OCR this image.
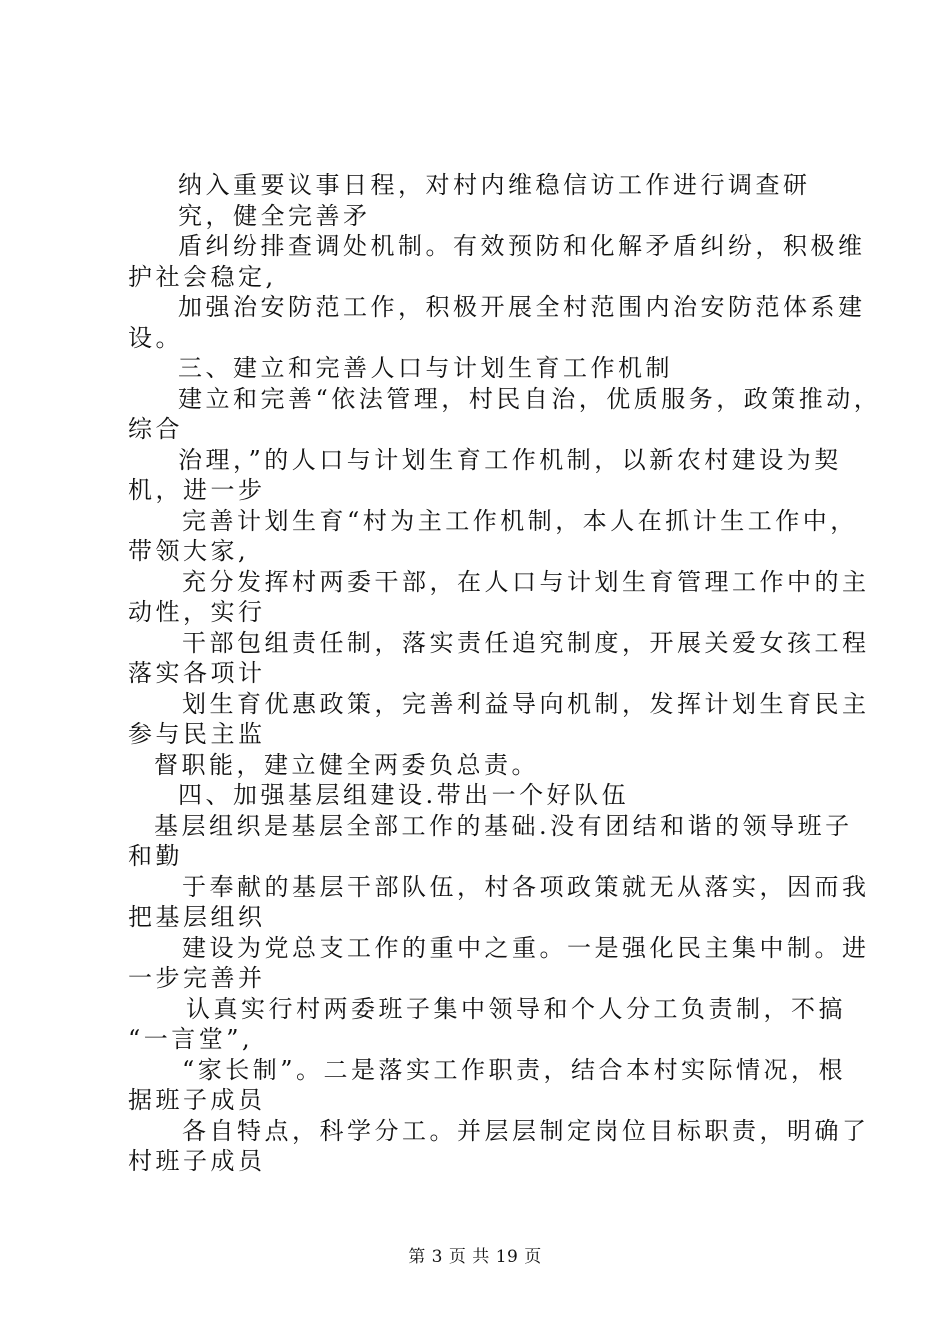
纳入重要议事日程，对村内维稳信访工作进行调查研
究，健全完善矛
盾纠纷排查调处机制。有效预防和化解矛盾纠纷，积极维
护社会稳定,
加强治安防范工作，积极开展全村范围内治安防范体系建
设。
三、建立和完善人口与计划生育工作机制
建立和完善“依法管理，村民自治，优质服务，政策推动，
综合
治理，”的人口与计划生育工作机制，以新农村建设为契
机，进一步
完善计划生育“村为主工作机制，本人在抓计生工作中，
带领大家,
充分发挥村两委干部，在人口与计划生育管理工作中的主
动性，实行
干部包组责任制，落实责任追究制度，开展关爱女孩工程
落实各项计
划生育优惠政策，完善利益导向机制，发挥计划生育民主
参与民主监
督职能，建立健全两委负总责。
四、加强基层组建设.带出一个好队伍
基层组织是基层全部工作的基础.没有团结和谐的领导班子
和勤
于奉献的基层干部队伍，村各项政策就无从落实，因而我
把基层组织
建设为党总支工作的重中之重。一是强化民主集中制。进
一步完善并
认真实行村两委班子集中领导和个人分工负责制，不搞
“一言堂”,
“家长制”。二是落实工作职责，结合本村实际情况，根
据班子成员
各自特点，科学分工。并层层制定岗位目标职责，明确了
村班子成员
第 3 页 共 19 页
